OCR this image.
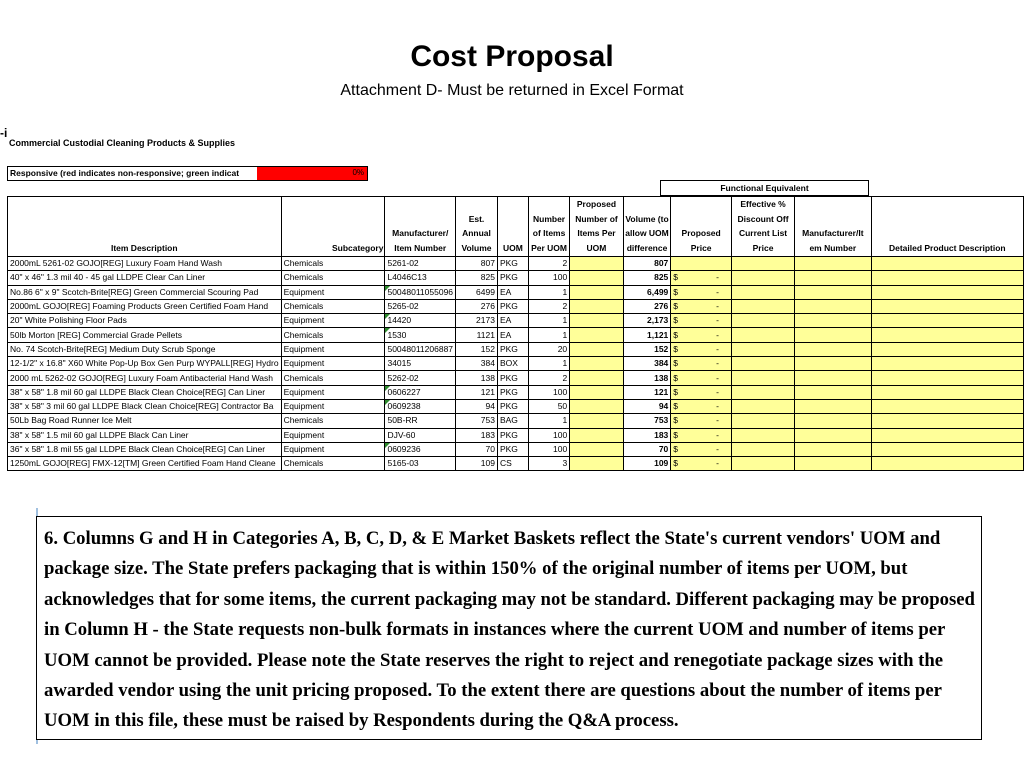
Cost Proposal
Attachment D- Must be returned in Excel Format
-i
Commercial Custodial Cleaning Products & Supplies
Responsive (red indicates non-responsive; green indicat	0%
Functional Equivalent
Item Description	Subcategory	Manufacturer/ Item Number	Est. Annual Volume	UOM	Number of Items Per UOM	Proposed Number of Items Per UOM	Volume (to allow UOM difference	Proposed Price	Effective % Discount Off Current List Price	Manufacturer/It em Number	Detailed Product Description
2000mL 5261-02 GOJO[REG] Luxury Foam Hand Wash	Chemicals	5261-02	807	PKG	2		807				
40" x 46" 1.3 mil 40 - 45 gal LLDPE Clear Can Liner	Chemicals	L4046C13	825	PKG	100		825	$ -			

No.86 6" x 9" Scotch-Brite[REG] Green Commercial Scouring Pad	Equipment	50048011055096	6499	EA	1		6,499	$ -			

2000mL GOJO[REG] Foaming Products Green Certified Foam Hand	Chemicals	5265-02	276	PKG	2		276	$ -			

20" White Polishing Floor Pads	Equipment	14420	2173	EA	1		2,173	$ -			

50lb Morton [REG] Commercial Grade Pellets	Chemicals	1530	1121	EA	1		1,121	$ -			

No. 74 Scotch-Brite[REG] Medium Duty Scrub Sponge	Equipment	50048011206887	152	PKG	20		152	$ -			

12-1/2" x 16.8" X60 White Pop-Up Box Gen Purp WYPALL[REG] Hydro	Equipment	34015	384	BOX	1		384	$ -			

2000 mL 5262-02 GOJO[REG] Luxury Foam Antibacterial Hand Wash	Chemicals	5262-02	138	PKG	2		138	$ -			

38" x 58" 1.8 mil 60 gal LLDPE Black Clean Choice[REG] Can Liner	Equipment	0606227	121	PKG	100		121	$ -			

38" x 58" 3 mil 60 gal LLDPE Black Clean Choice[REG] Contractor Ba	Equipment	0609238	94	PKG	50		94	$ -			

50Lb Bag Road Runner Ice Melt	Chemicals	50B-RR	753	BAG	1		753	$ -			

38" x 58" 1.5 mil 60 gal LLDPE Black Can Liner	Equipment	DJV-60	183	PKG	100		183	$ -			

36" x 58" 1.8 mil 55 gal LLDPE Black Clean Choice[REG] Can Liner	Equipment	0609236	70	PKG	100		70	$ -			

1250mL GOJO[REG] FMX-12[TM] Green Certified Foam Hand Cleane	Chemicals	5165-03	109	CS	3		109	$ -			

6. Columns G and H in Categories A, B, C, D, & E Market Baskets reflect the State's current vendors' UOM and package size. The State prefers packaging that is within 150% of the original number of items per UOM, but acknowledges that for some items, the current packaging may not be standard. Different packaging may be proposed in Column H - the State requests non-bulk formats in instances where the current UOM and number of items per UOM cannot be provided. Please note the State reserves the right to reject and renegotiate package sizes with the awarded vendor using the unit pricing proposed. To the extent there are questions about the number of items per UOM in this file, these must be raised by Respondents during the Q&A process.
